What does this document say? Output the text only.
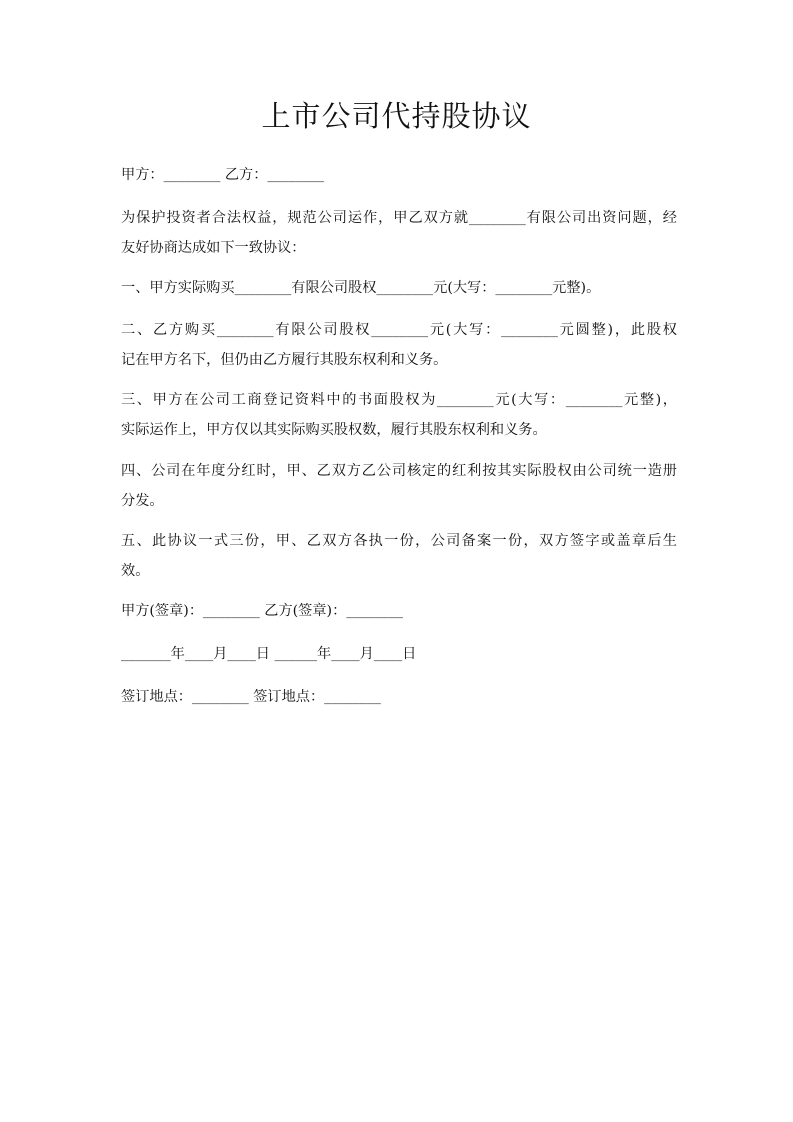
上市公司代持股协议
甲方：________ 乙方：________
为保护投资者合法权益，规范公司运作，甲乙双方就________有限公司出资问题，经
友好协商达成如下一致协议：
一、甲方实际购买________有限公司股权________元(大写：________元整)。
二、乙方购买________有限公司股权________元(大写：________元圆整)，此股权
记在甲方名下，但仍由乙方履行其股东权利和义务。
三、甲方在公司工商登记资料中的书面股权为________元(大写：________元整)，
实际运作上，甲方仅以其实际购买股权数，履行其股东权利和义务。
四、公司在年度分红时，甲、乙双方乙公司核定的红利按其实际股权由公司统一造册
分发。
五、此协议一式三份，甲、乙双方各执一份，公司备案一份，双方签字或盖章后生
效。
甲方(签章)：________ 乙方(签章)：________
_______年____月____日 ______年____月____日
签订地点：________ 签订地点：________
